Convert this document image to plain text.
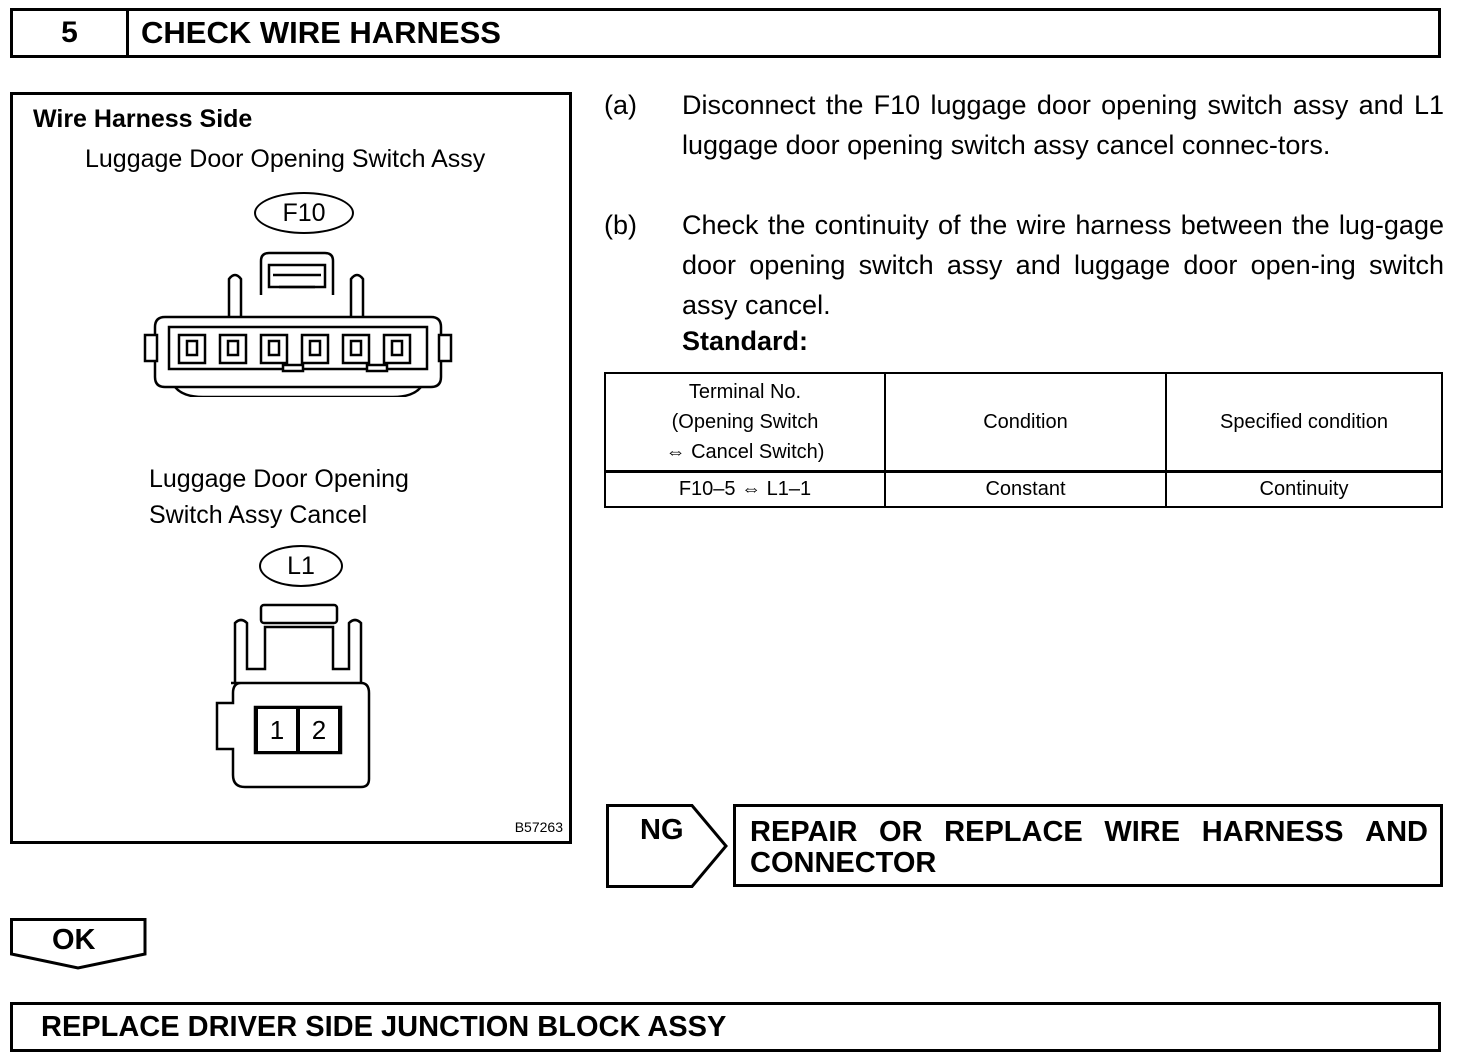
5	CHECK WIRE HARNESS
Wire Harness Side
Luggage Door Opening Switch Assy
F10
Luggage Door Opening
Switch Assy Cancel
L1
1	2
B57263
(a) Disconnect the F10 luggage door opening switch assy and L1 luggage door opening switch assy cancel connec-tors.
(b) Check the continuity of the wire harness between the lug-gage door opening switch assy and luggage door open-ing switch assy cancel.
Standard:
Terminal No.
(Opening Switch
⇔ Cancel Switch)	Condition	Specified condition
F10–5 ⇔ L1–1	Constant	Continuity
NG REPAIR OR REPLACE WIRE HARNESS AND
CONNECTOR
OK
REPLACE DRIVER SIDE JUNCTION BLOCK ASSY
